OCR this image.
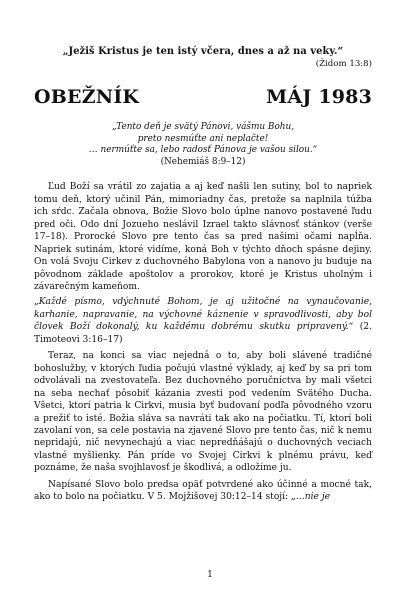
„Ježiš Kristus je ten istý včera, dnes a až na veky.“
(Židom 13:8)
OBEŽNÍK	MÁJ 1983
„Tento deň je svätý Pánovi, vášmu Bohu,
preto nesmúťte ani neplačte!
… nermúťte sa, lebo radosť Pánova je vašou silou.“
(Nehemiáš 8:9–12)

Ľud Boží sa vrátil zo zajatia a aj keď našli len sutiny, bol to napriek tomu deň, ktorý učinil Pán, mimoriadny čas, pretože sa naplnila túžba ich sŕdc. Začala obnova, Božie Slovo bolo úplne nanovo postavené ľudu pred oči. Odo dní Jozueho neslávil Izrael takto slávnosť stánkov (verše 17–18). Prorocké Slovo pre tento čas sa pred našimi očami napĺňa. Napriek sutinám, ktoré vidíme, koná Boh v týchto dňoch spásne dejiny. On volá Svoju Cirkev z duchovného Babylona von a nanovo ju buduje na pôvodnom základe apoštolov a prorokov, ktoré je Kristus uholným i závarečným kameňom.

„Každé písmo, vdýchnuté Bohom, je aj užitočné na vynaučovanie, karhanie, napravanie, na výchovné káznenie v spravodlivosti, aby bol človek Boží dokonalý, ku každému dobrému skutku pripravený.“ (2. Timoteovi 3:16–17)

Teraz, na konci sa viac nejedná o to, aby boli slávené tradičné bohoslužby, v ktorých ľudia počujú vlastné výklady, aj keď by sa pri tom odvolávali na zvestovateľa. Bez duchovného poručníctva by mali všetci na seba nechať pôsobiť kázania zvesti pod vedením Svätého Ducha. Všetci, ktorí patria k Cirkvi, musia byť budovaní podľa pôvodného vzoru a prežiť to isté. Božia sláva sa navráti tak ako na počiatku. Tí, ktorí boli zavolaní von, sa cele postavia na zjavené Slovo pre tento čas, nič k nemu nepridajú, nič nevynechajú a viac nepredňášajú o duchovných veciach vlastné myšlienky. Pán príde vo Svojej Cirkvi k plnému právu, keď poznáme, že naša svojhlavosť je škodlivá, a odložíme ju.

Napísané Slovo bolo predsa opäť potvrdené ako účinné a mocné tak, ako to bolo na počiatku. V 5. Mojžišovej 30:12–14 stojí: „…nie je

1
